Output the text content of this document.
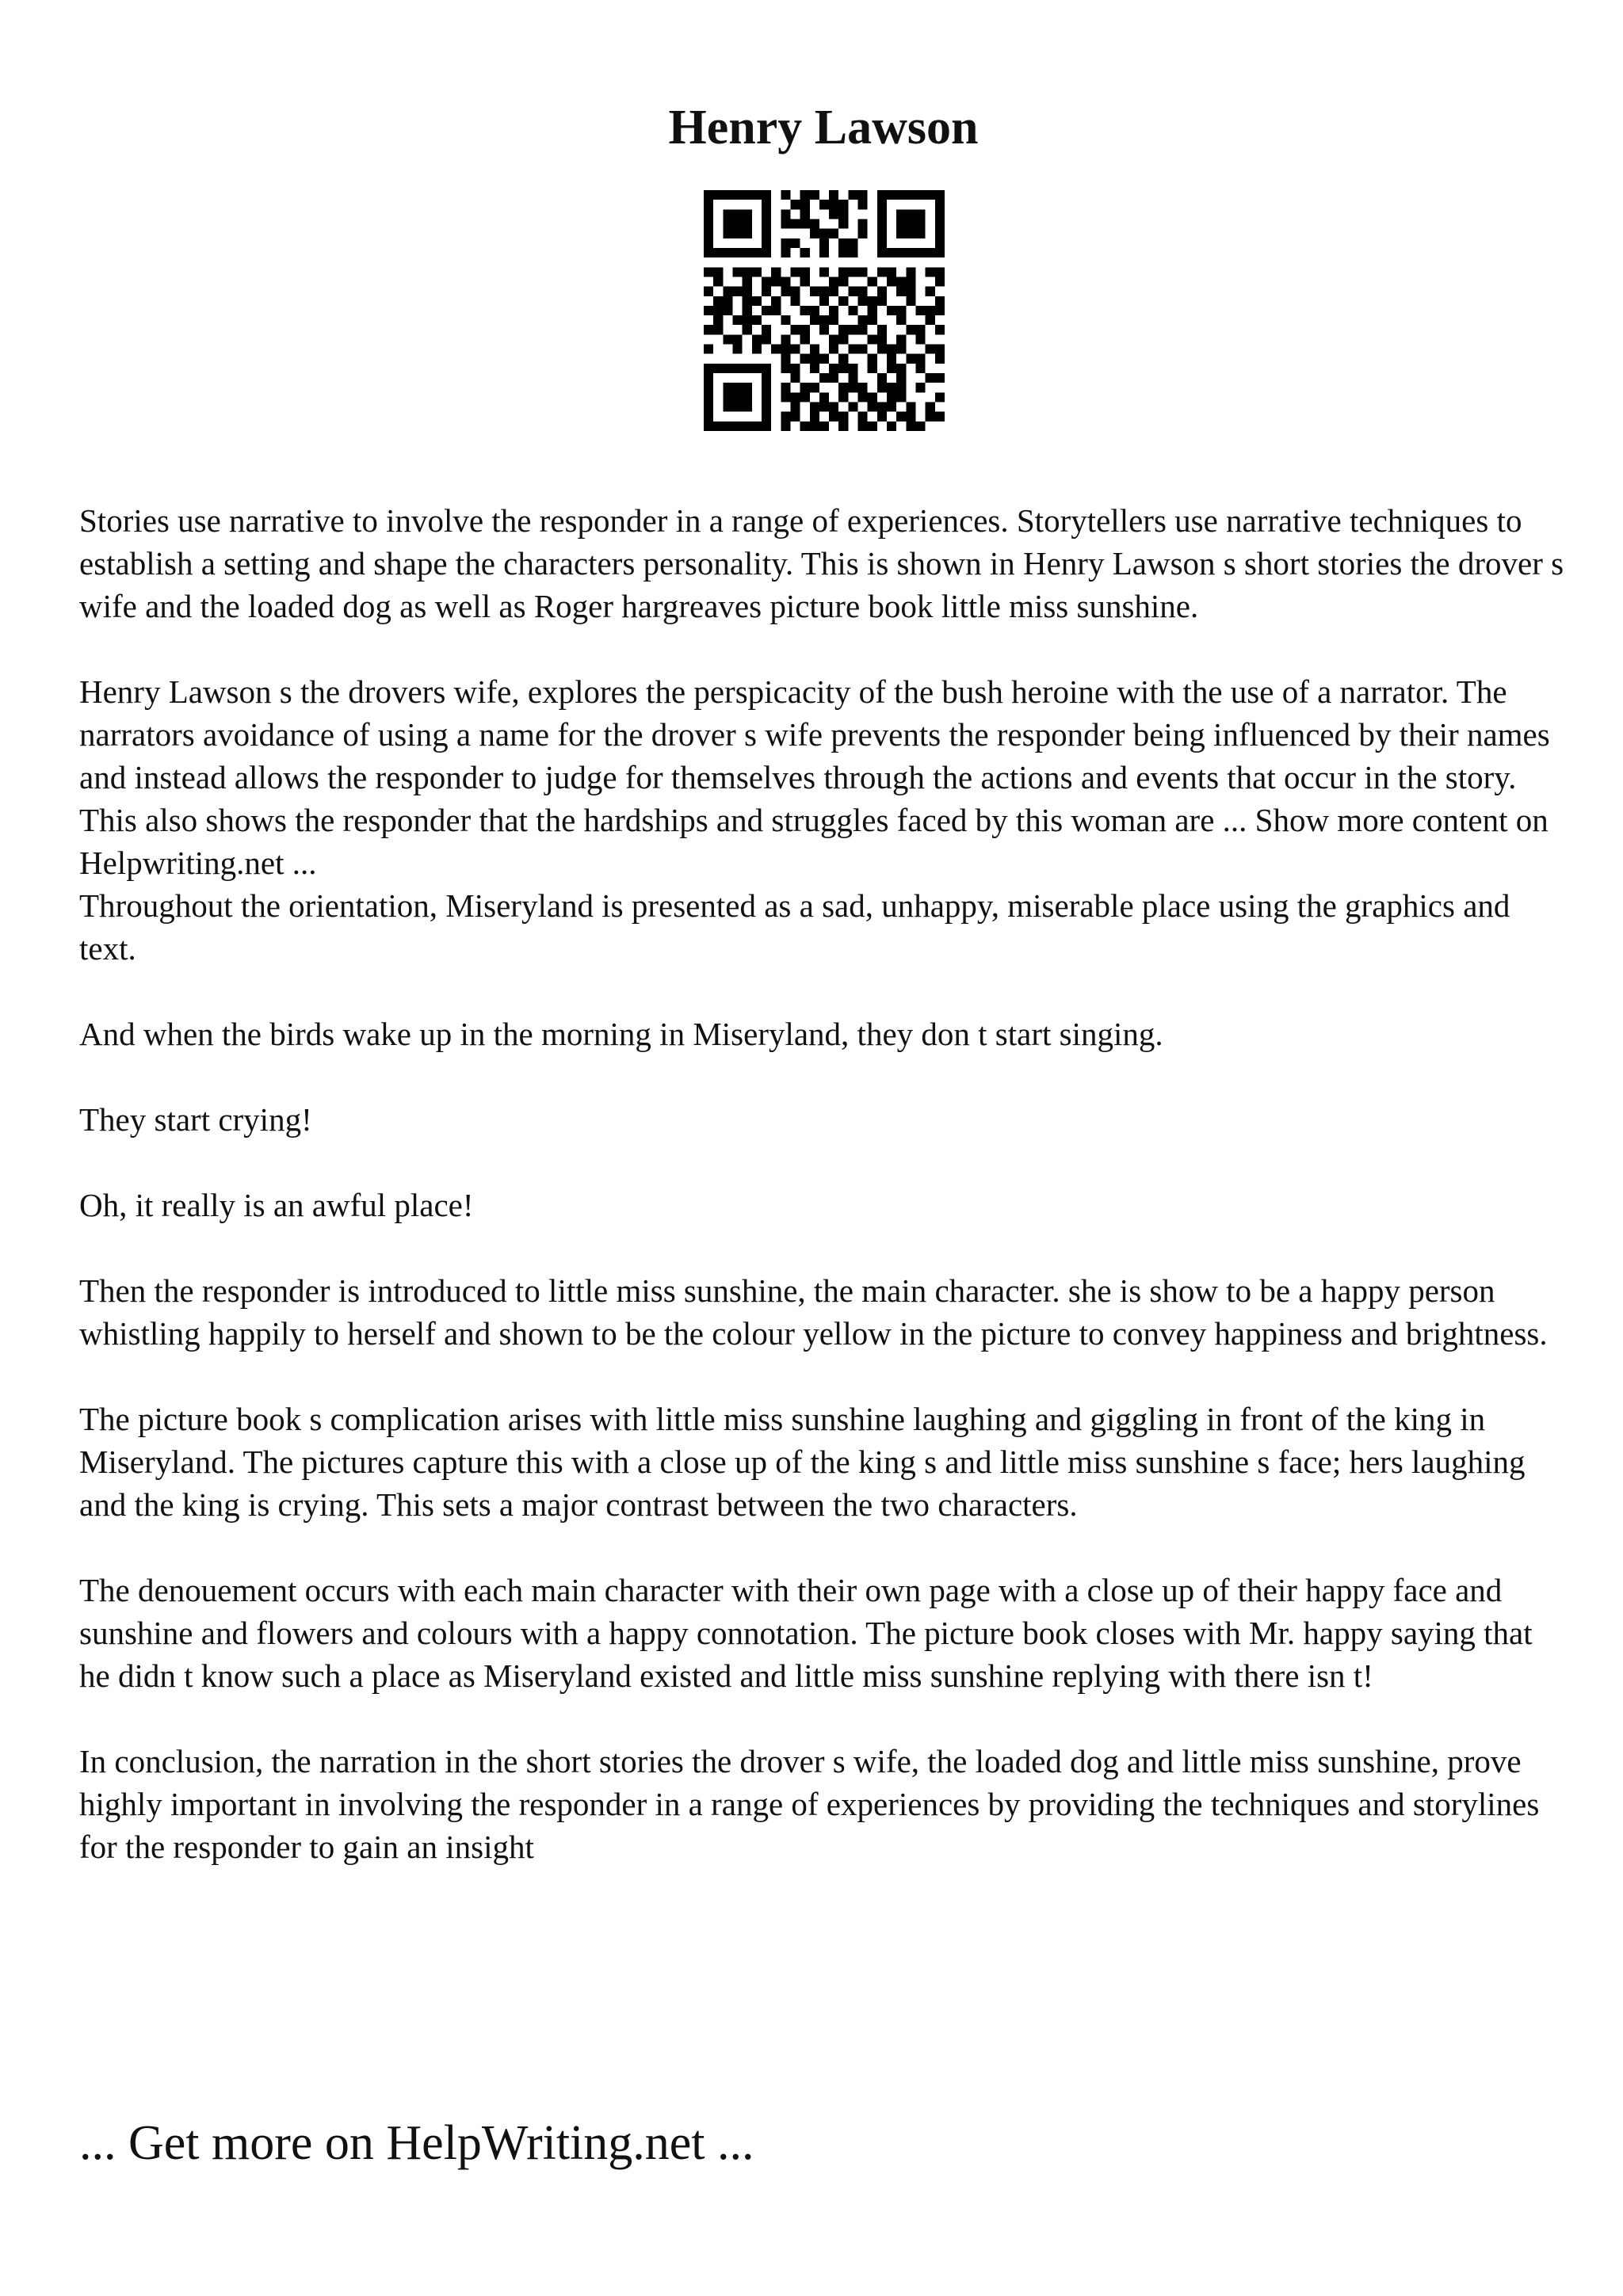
Henry Lawson

Stories use narrative to involve the responder in a range of experiences. Storytellers use narrative techniques to establish a setting and shape the characters personality. This is shown in Henry Lawson s short stories the drover s wife and the loaded dog as well as Roger hargreaves picture book little miss sunshine.

Henry Lawson s the drovers wife, explores the perspicacity of the bush heroine with the use of a narrator. The narrators avoidance of using a name for the drover s wife prevents the responder being influenced by their names and instead allows the responder to judge for themselves through the actions and events that occur in the story. This also shows the responder that the hardships and struggles faced by this woman are ... Show more content on Helpwriting.net ...

Throughout the orientation, Miseryland is presented as a sad, unhappy, miserable place using the graphics and text.

And when the birds wake up in the morning in Miseryland, they don t start singing.

They start crying!

Oh, it really is an awful place!

Then the responder is introduced to little miss sunshine, the main character. she is show to be a happy person whistling happily to herself and shown to be the colour yellow in the picture to convey happiness and brightness.

The picture book s complication arises with little miss sunshine laughing and giggling in front of the king in Miseryland. The pictures capture this with a close up of the king s and little miss sunshine s face; hers laughing and the king is crying. This sets a major contrast between the two characters.

The denouement occurs with each main character with their own page with a close up of their happy face and sunshine and flowers and colours with a happy connotation. The picture book closes with Mr. happy saying that he didn t know such a place as Miseryland existed and little miss sunshine replying with there isn t!

In conclusion, the narration in the short stories the drover s wife, the loaded dog and little miss sunshine, prove highly important in involving the responder in a range of experiences by providing the techniques and storylines for the responder to gain an insight

... Get more on HelpWriting.net ...
